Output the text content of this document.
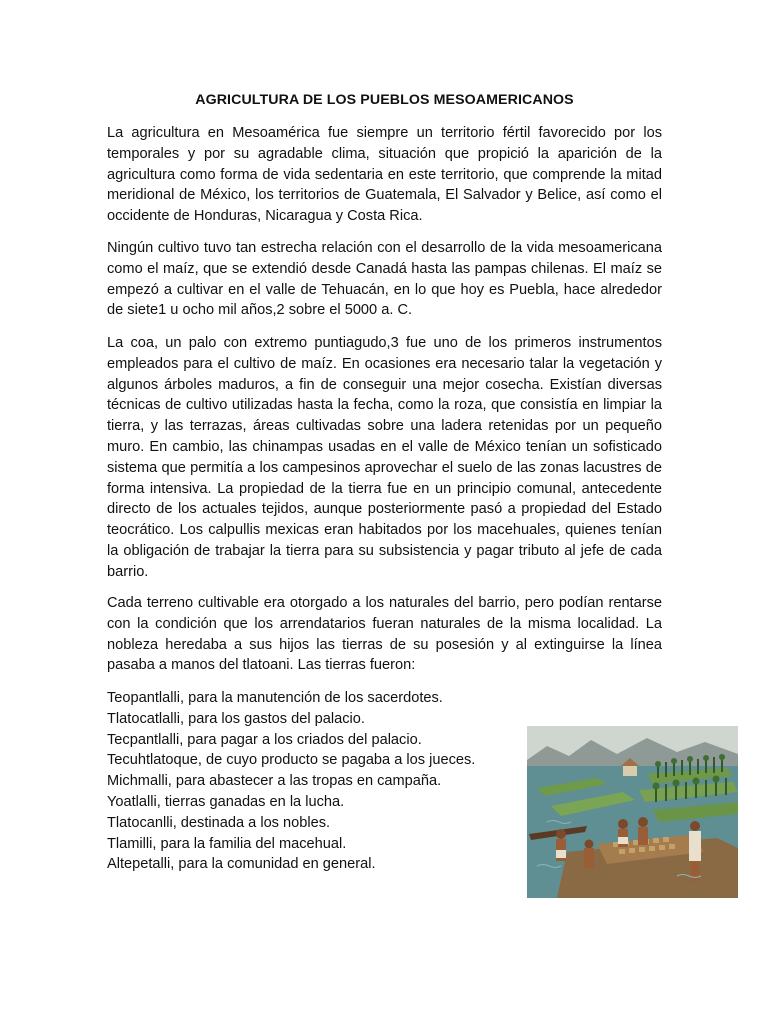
AGRICULTURA DE LOS PUEBLOS MESOAMERICANOS

La agricultura en Mesoamérica fue siempre un territorio fértil favorecido por los temporales y por su agradable clima, situación que propició la aparición de la agricultura como forma de vida sedentaria en este territorio, que comprende la mitad meridional de México, los territorios de Guatemala, El Salvador y Belice, así como el occidente de Honduras, Nicaragua y Costa Rica.

Ningún cultivo tuvo tan estrecha relación con el desarrollo de la vida mesoamericana como el maíz, que se extendió desde Canadá hasta las pampas chilenas. El maíz se empezó a cultivar en el valle de Tehuacán, en lo que hoy es Puebla, hace alrededor de siete1 u ocho mil años,2 sobre el 5000 a. C.

La coa, un palo con extremo puntiagudo,3 fue uno de los primeros instrumentos empleados para el cultivo de maíz. En ocasiones era necesario talar la vegetación y algunos árboles maduros, a fin de conseguir una mejor cosecha. Existían diversas técnicas de cultivo utilizadas hasta la fecha, como la roza, que consistía en limpiar la tierra, y las terrazas, áreas cultivadas sobre una ladera retenidas por un pequeño muro. En cambio, las chinampas usadas en el valle de México tenían un sofisticado sistema que permitía a los campesinos aprovechar el suelo de las zonas lacustres de forma intensiva. La propiedad de la tierra fue en un principio comunal, antecedente directo de los actuales tejidos, aunque posteriormente pasó a propiedad del Estado teocrático. Los calpullis mexicas eran habitados por los macehuales, quienes tenían la obligación de trabajar la tierra para su subsistencia y pagar tributo al jefe de cada barrio.

Cada terreno cultivable era otorgado a los naturales del barrio, pero podían rentarse con la condición que los arrendatarios fueran naturales de la misma localidad. La nobleza heredaba a sus hijos las tierras de su posesión y al extinguirse la línea pasaba a manos del tlatoani. Las tierras fueron:

Teopantlalli, para la manutención de los sacerdotes.
Tlatocatlalli, para los gastos del palacio.
Tecpantlalli, para pagar a los criados del palacio.
Tecuhtlatoque, de cuyo producto se pagaba a los jueces.
Michmalli, para abastecer a las tropas en campaña.
Yoatlalli, tierras ganadas en la lucha.
Tlatocanlli, destinada a los nobles.
Tlamilli, para la familia del macehual.
Altepetalli, para la comunidad en general.
